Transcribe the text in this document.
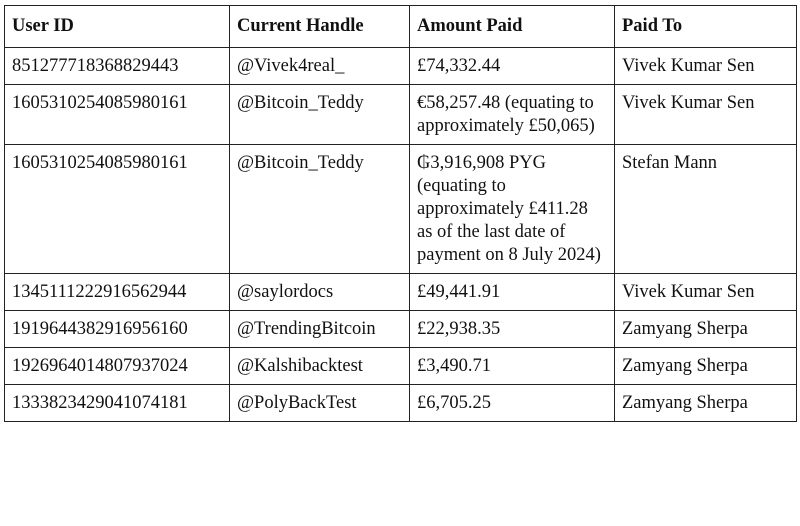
User ID	Current Handle	Amount Paid	Paid To
851277718368829443	@Vivek4real_	£74,332.44	Vivek Kumar Sen
1605310254085980161	@Bitcoin_Teddy	€58,257.48 (equating to approximately £50,065)	Vivek Kumar Sen
1605310254085980161	@Bitcoin_Teddy	₲3,916,908 PYG (equating to approximately £411.28 as of the last date of payment on 8 July 2024)	Stefan Mann
1345111222916562944	@saylordocs	£49,441.91	Vivek Kumar Sen
1919644382916956160	@TrendingBitcoin	£22,938.35	Zamyang Sherpa
1926964014807937024	@Kalshibacktest	£3,490.71	Zamyang Sherpa
1333823429041074181	@PolyBackTest	£6,705.25	Zamyang Sherpa
